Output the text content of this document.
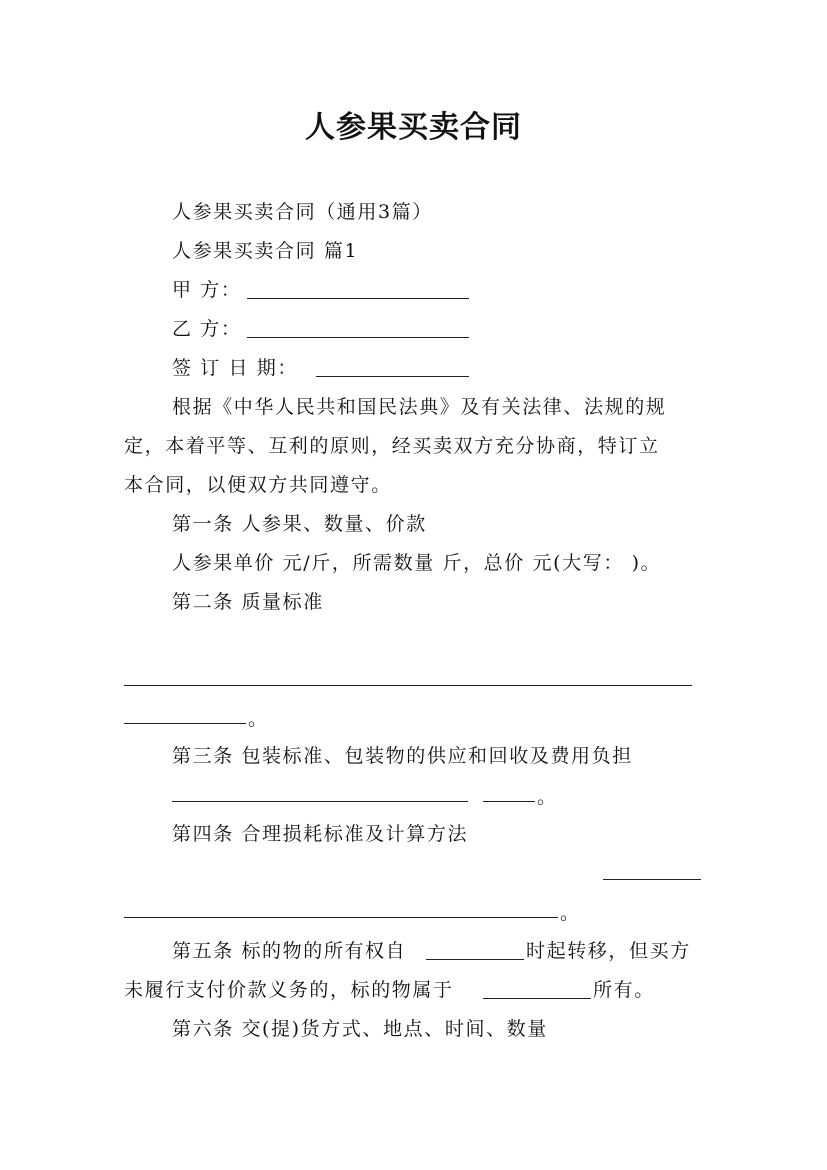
人参果买卖合同
人参果买卖合同（通用3篇）
人参果买卖合同 篇1
甲 方：
乙 方：
签 订 日 期：
根据《中华人民共和国民法典》及有关法律、法规的规
定，本着平等、互利的原则，经买卖双方充分协商，特订立
本合同，以便双方共同遵守。
第一条 人参果、数量、价款
人参果单价 元/斤，所需数量 斤，总价 元(大写： )。
第二条 质量标准
。
第三条 包装标准、包装物的供应和回收及费用负担
。
第四条 合理损耗标准及计算方法
。
第五条 标的物的所有权自	时起转移，但买方
未履行支付价款义务的，标的物属于	所有。
第六条 交(提)货方式、地点、时间、数量
